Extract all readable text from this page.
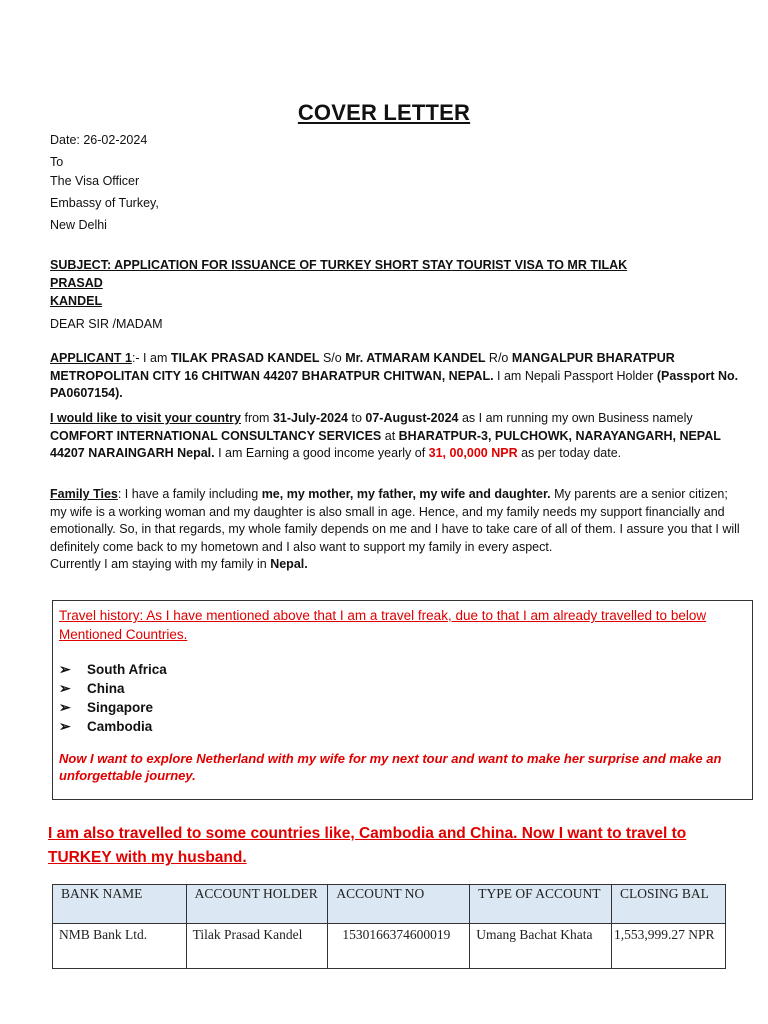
COVER LETTER
Date: 26-02-2024
To
The Visa Officer
Embassy of Turkey,
New Delhi
SUBJECT: APPLICATION FOR ISSUANCE OF TURKEY SHORT STAY TOURIST VISA TO MR TILAK PRASAD
KANDEL
DEAR SIR /MADAM
APPLICANT 1:- I am TILAK PRASAD KANDEL S/o Mr. ATMARAM KANDEL R/o MANGALPUR BHARATPUR METROPOLITAN CITY 16 CHITWAN 44207 BHARATPUR CHITWAN, NEPAL. I am Nepali Passport Holder (Passport No. PA0607154).
I would like to visit your country from 31-July-2024 to 07-August-2024 as I am running my own Business namely COMFORT INTERNATIONAL CONSULTANCY SERVICES at BHARATPUR-3, PULCHOWK, NARAYANGARH, NEPAL 44207 NARAINGARH Nepal. I am Earning a good income yearly of 31, 00,000 NPR as per today date.
Family Ties: I have a family including me, my mother, my father, my wife and daughter. My parents are a senior citizen; my wife is a working woman and my daughter is also small in age. Hence, and my family needs my support financially and emotionally. So, in that regards, my whole family depends on me and I have to take care of all of them. I assure you that I will definitely come back to my hometown and I also want to support my family in every aspect.
Currently I am staying with my family in Nepal.
Travel history: As I have mentioned above that I am a travel freak, due to that I am already travelled to below Mentioned Countries.
➢	South Africa
➢	China
➢	Singapore
➢	Cambodia
Now I want to explore Netherland with my wife for my next tour and want to make her surprise and make an unforgettable journey.
I am also travelled to some countries like, Cambodia and China. Now I want to travel to TURKEY with my husband.
BANK NAME	ACCOUNT HOLDER	ACCOUNT NO	TYPE OF ACCOUNT	CLOSING BAL
NMB Bank Ltd.	Tilak Prasad Kandel	1530166374600019	Umang Bachat Khata	1,553,999.27 NPR
